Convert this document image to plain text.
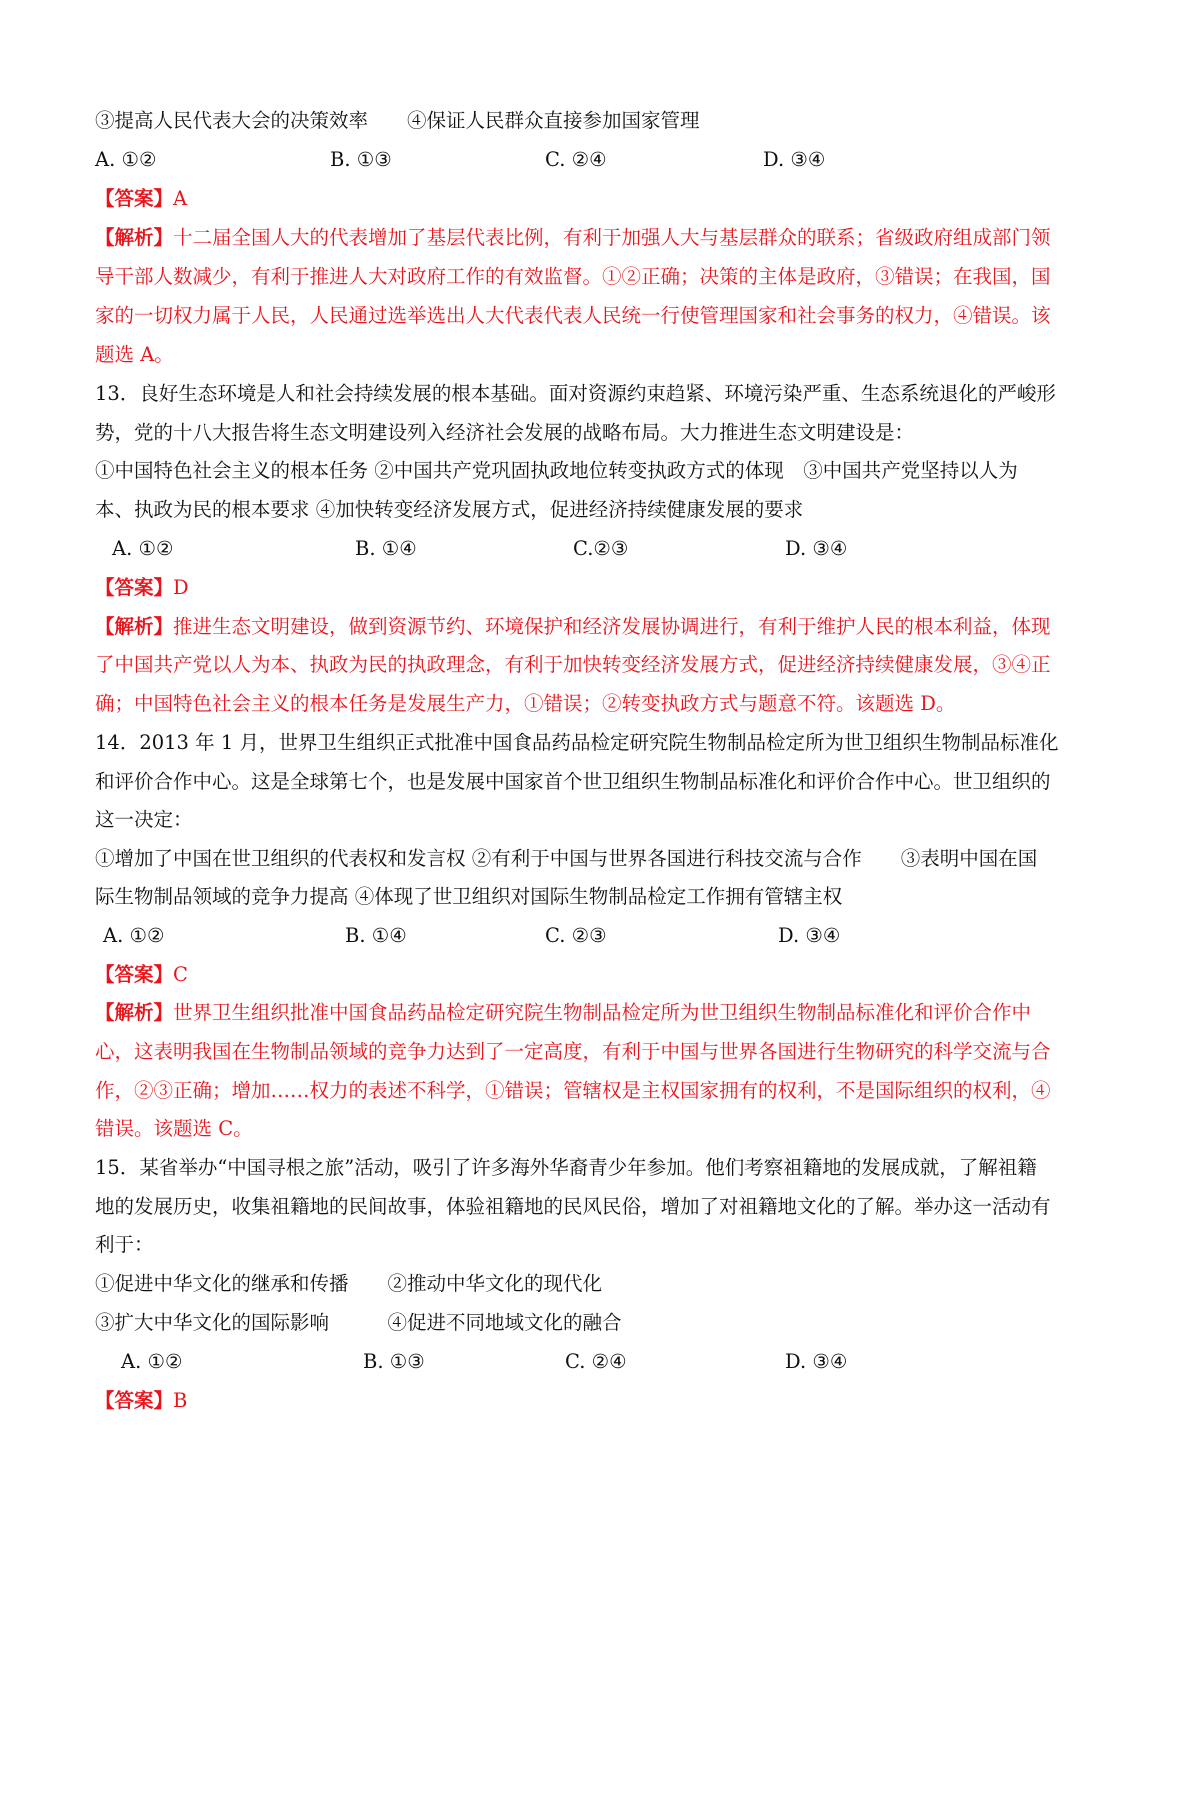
③提高人民代表大会的决策效率　　④保证人民群众直接参加国家管理
A. ①②	B. ①③	C. ②④	D. ③④
【答案】A
【解析】十二届全国人大的代表增加了基层代表比例，有利于加强人大与基层群众的联系；省级政府组成部门领
导干部人数减少，有利于推进人大对政府工作的有效监督。①②正确；决策的主体是政府，③错误；在我国，国
家的一切权力属于人民，人民通过选举选出人大代表代表人民统一行使管理国家和社会事务的权力，④错误。该
题选 A。
13．良好生态环境是人和社会持续发展的根本基础。面对资源约束趋紧、环境污染严重、生态系统退化的严峻形
势，党的十八大报告将生态文明建设列入经济社会发展的战略布局。大力推进生态文明建设是：
①中国特色社会主义的根本任务 ②中国共产党巩固执政地位转变执政方式的体现　③中国共产党坚持以人为
本、执政为民的根本要求 ④加快转变经济发展方式，促进经济持续健康发展的要求
A. ①②	B. ①④	C.②③	D. ③④
【答案】D
【解析】推进生态文明建设，做到资源节约、环境保护和经济发展协调进行，有利于维护人民的根本利益，体现
了中国共产党以人为本、执政为民的执政理念，有利于加快转变经济发展方式，促进经济持续健康发展，③④正
确；中国特色社会主义的根本任务是发展生产力，①错误；②转变执政方式与题意不符。该题选 D。
14．2013 年 1 月，世界卫生组织正式批准中国食品药品检定研究院生物制品检定所为世卫组织生物制品标准化
和评价合作中心。这是全球第七个，也是发展中国家首个世卫组织生物制品标准化和评价合作中心。世卫组织的
这一决定：
①增加了中国在世卫组织的代表权和发言权 ②有利于中国与世界各国进行科技交流与合作　　③表明中国在国
际生物制品领域的竞争力提高 ④体现了世卫组织对国际生物制品检定工作拥有管辖主权
A. ①②	B. ①④	C. ②③	D. ③④
【答案】C
【解析】世界卫生组织批准中国食品药品检定研究院生物制品检定所为世卫组织生物制品标准化和评价合作中
心，这表明我国在生物制品领域的竞争力达到了一定高度，有利于中国与世界各国进行生物研究的科学交流与合
作，②③正确；增加……权力的表述不科学，①错误；管辖权是主权国家拥有的权利，不是国际组织的权利，④
错误。该题选 C。
15．某省举办“中国寻根之旅”活动，吸引了许多海外华裔青少年参加。他们考察祖籍地的发展成就，了解祖籍
地的发展历史，收集祖籍地的民间故事，体验祖籍地的民风民俗，增加了对祖籍地文化的了解。举办这一活动有
利于：
①促进中华文化的继承和传播　　②推动中华文化的现代化
③扩大中华文化的国际影响　　　④促进不同地域文化的融合
A. ①②	B. ①③	C. ②④	D. ③④
【答案】B
